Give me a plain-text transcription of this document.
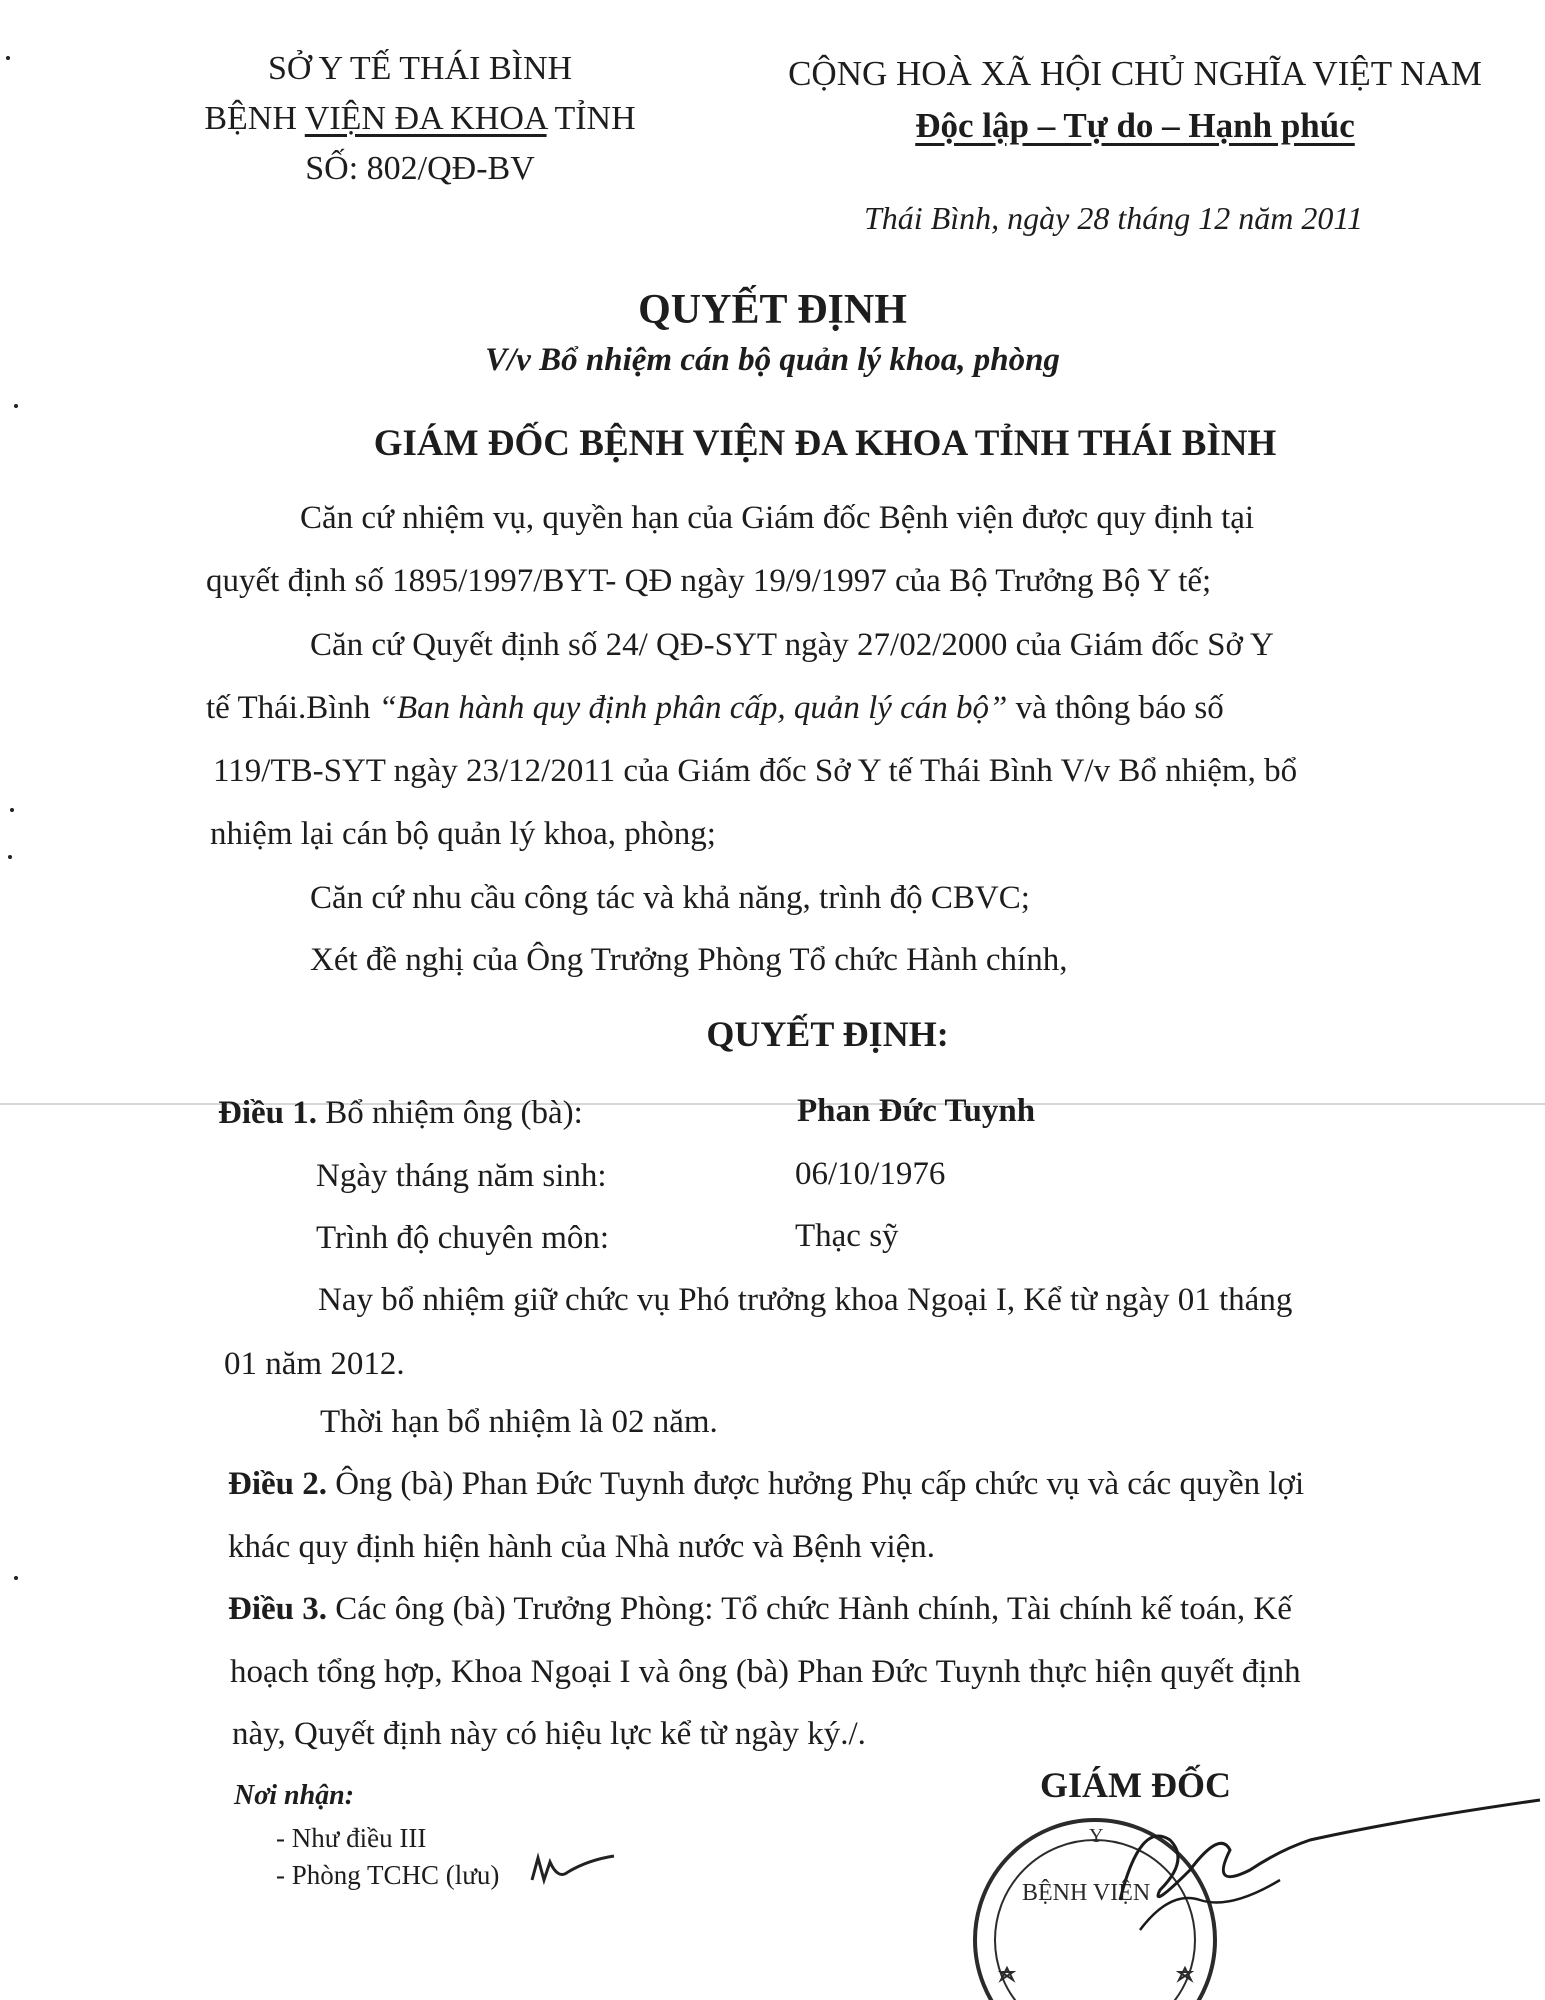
SỞ Y TẾ THÁI BÌNH
BỆNH VIỆN ĐA KHOA TỈNH
SỐ: 802/QĐ-BV
CỘNG HOÀ XÃ HỘI CHỦ NGHĨA VIỆT NAM
Độc lập – Tự do – Hạnh phúc
Thái Bình, ngày 28 tháng 12 năm 2011
QUYẾT ĐỊNH
V/v Bổ nhiệm cán bộ quản lý khoa, phòng
GIÁM ĐỐC BỆNH VIỆN ĐA KHOA TỈNH THÁI BÌNH
Căn cứ nhiệm vụ, quyền hạn của Giám đốc Bệnh viện được quy định tại
quyết định số 1895/1997/BYT- QĐ ngày 19/9/1997 của Bộ Trưởng Bộ Y tế;
Căn cứ Quyết định số 24/ QĐ-SYT ngày 27/02/2000 của Giám đốc Sở Y
tế Thái.Bình “Ban hành quy định phân cấp, quản lý cán bộ” và thông báo số
119/TB-SYT ngày 23/12/2011 của Giám đốc Sở Y tế Thái Bình V/v Bổ nhiệm, bổ
nhiệm lại cán bộ quản lý khoa, phòng;
Căn cứ nhu cầu công tác và khả năng, trình độ CBVC;
Xét đề nghị của Ông Trưởng Phòng Tổ chức Hành chính,
QUYẾT ĐỊNH:
Điều 1. Bổ nhiệm ông (bà):	Phan Đức Tuynh
Ngày tháng năm sinh:	06/10/1976
Trình độ chuyên môn:	Thạc sỹ
Nay bổ nhiệm giữ chức vụ Phó trưởng khoa Ngoại I, Kể từ ngày 01 tháng
01 năm 2012.
Thời hạn bổ nhiệm là 02 năm.
Điều 2. Ông (bà) Phan Đức Tuynh được hưởng Phụ cấp chức vụ và các quyền lợi
khác quy định hiện hành của Nhà nước và Bệnh viện.
Điều 3. Các ông (bà) Trưởng Phòng: Tổ chức Hành chính, Tài chính kế toán, Kế
hoạch tổng hợp, Khoa Ngoại I và ông (bà) Phan Đức Tuynh thực hiện quyết định
này, Quyết định này có hiệu lực kể từ ngày ký./.
Nơi nhận:
- Như điều III
- Phòng TCHC (lưu)
GIÁM ĐỐC
Y
BỆNH VIỆN
